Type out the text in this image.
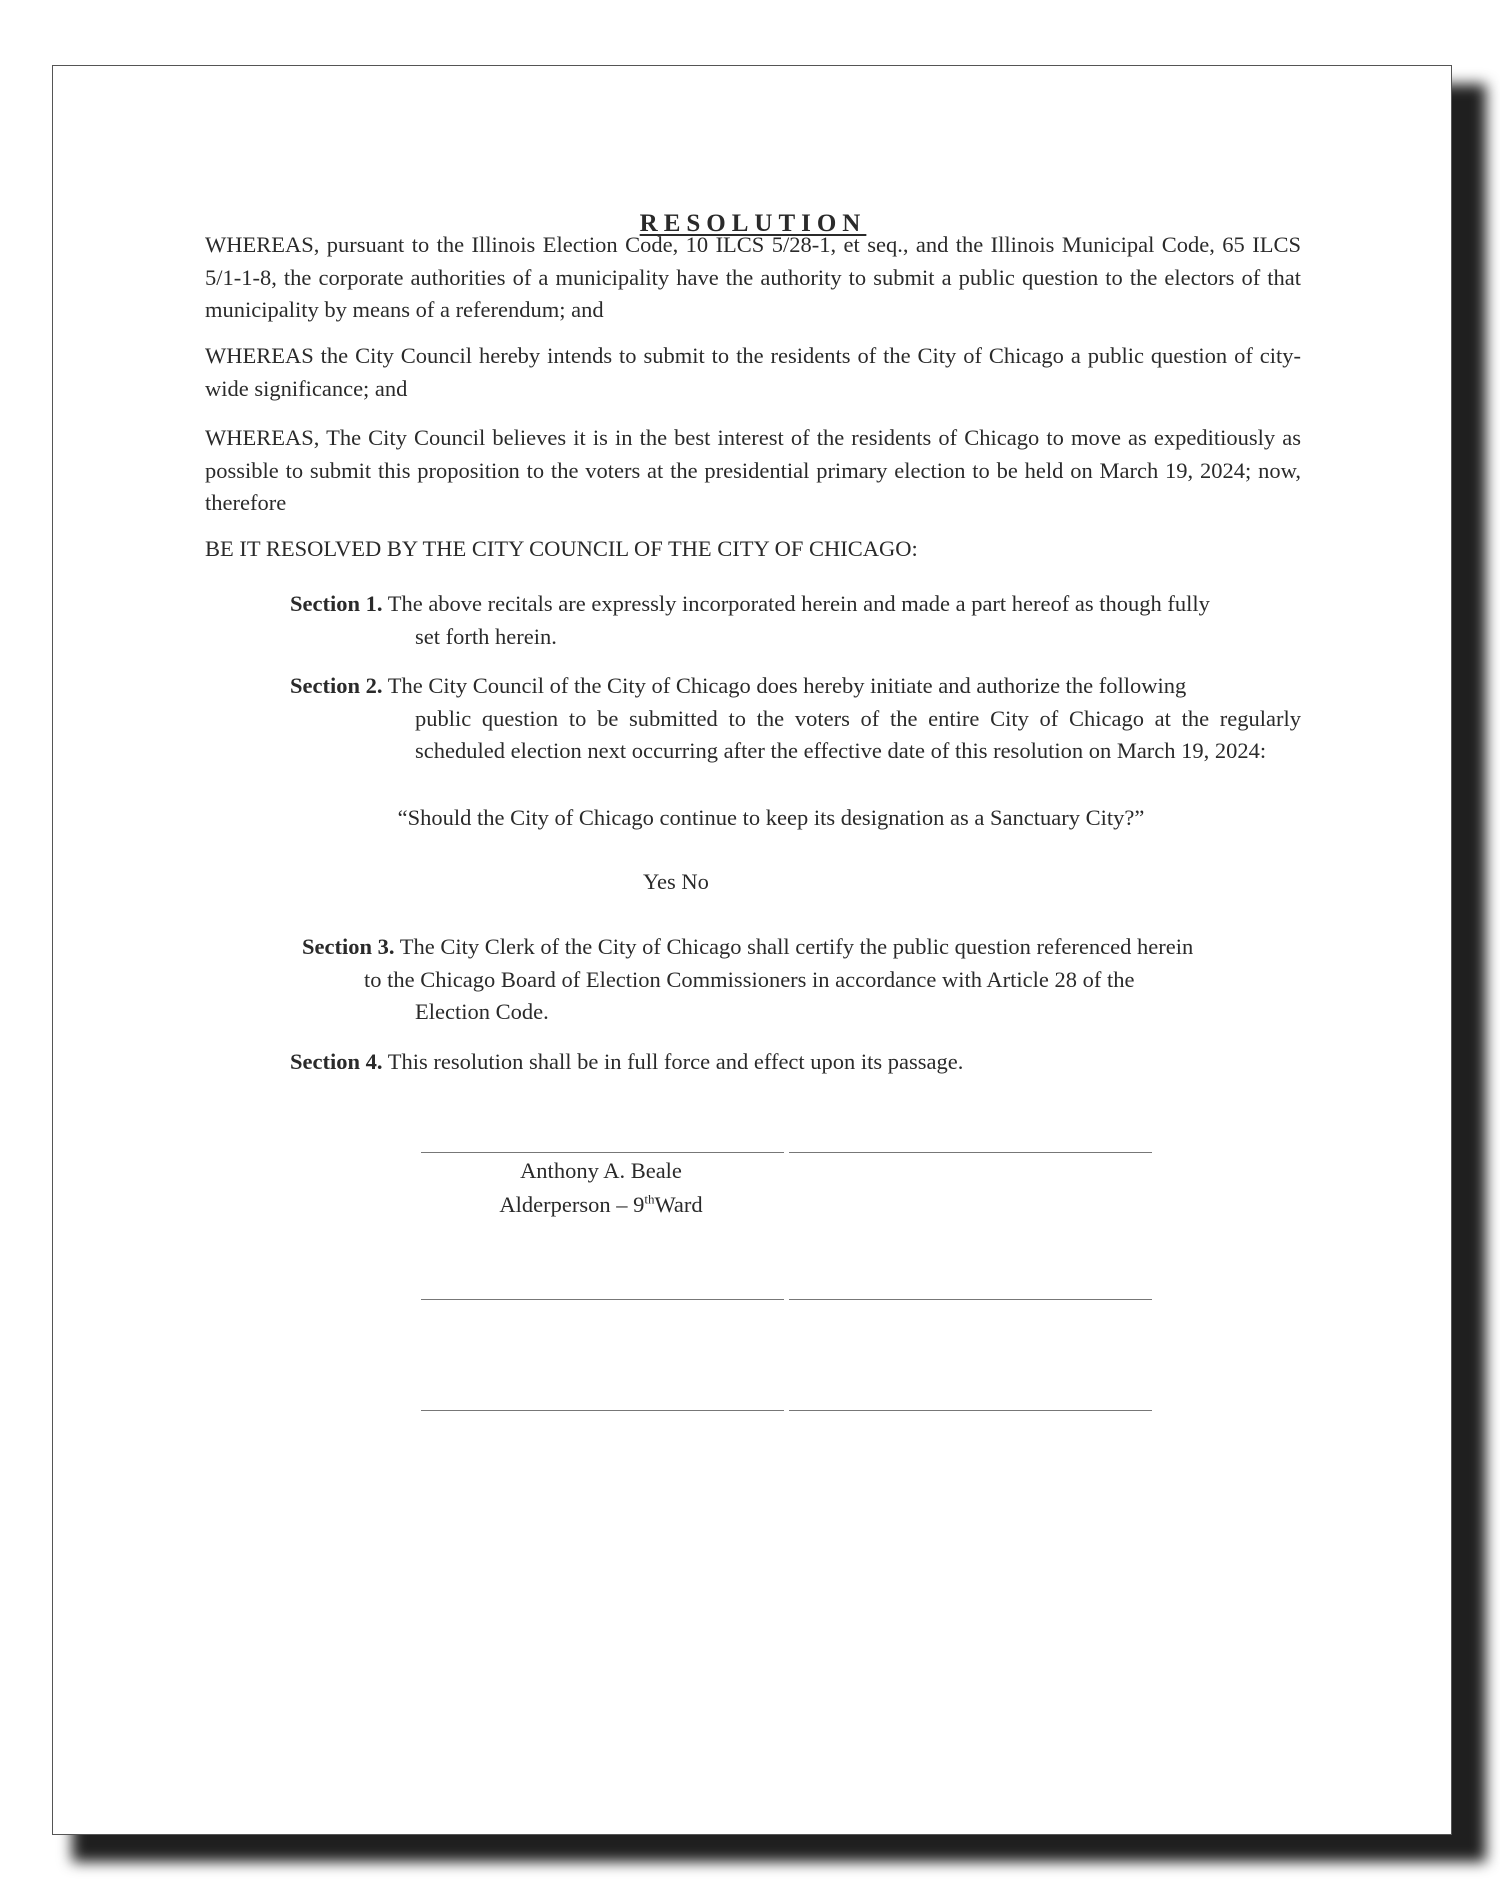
RESOLUTION
WHEREAS, pursuant to the Illinois Election Code, 10 ILCS 5/28-1, et seq., and the Illinois Municipal Code, 65 ILCS 5/1-1-8, the corporate authorities of a municipality have the authority to submit a public question to the electors of that municipality by means of a referendum; and
WHEREAS the City Council hereby intends to submit to the residents of the City of Chicago a public question of city-wide significance; and
WHEREAS, The City Council believes it is in the best interest of the residents of Chicago to move as expeditiously as possible to submit this proposition to the voters at the presidential primary election to be held on March 19, 2024; now, therefore
BE IT RESOLVED BY THE CITY COUNCIL OF THE CITY OF CHICAGO:
Section 1. The above recitals are expressly incorporated herein and made a part hereof as though fully
set forth herein.
Section 2. The City Council of the City of Chicago does hereby initiate and authorize the following
public question to be submitted to the voters of the entire City of Chicago at the regularly scheduled election next occurring after the effective date of this resolution on March 19, 2024:
“Should the City of Chicago continue to keep its designation as a Sanctuary City?”
Yes No
Section 3. The City Clerk of the City of Chicago shall certify the public question referenced herein
to the Chicago Board of Election Commissioners in accordance with Article 28 of the
Election Code.
Section 4. This resolution shall be in full force and effect upon its passage.
Anthony A. Beale
Alderperson – 9thWard
